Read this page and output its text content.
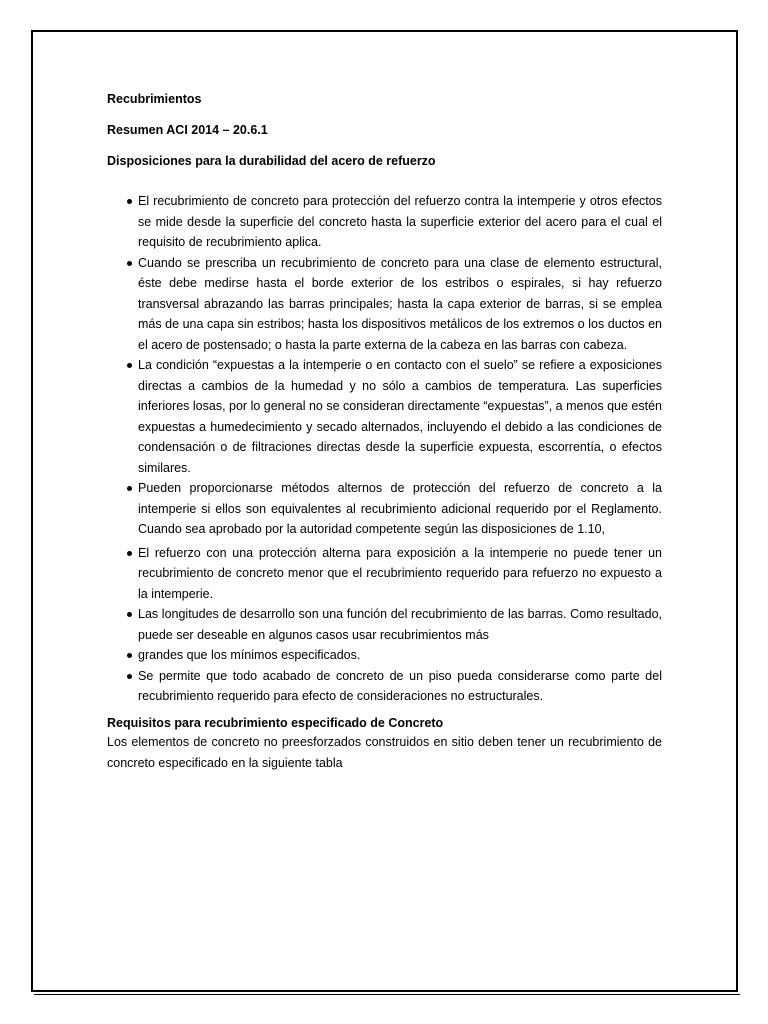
Recubrimientos
Resumen ACI 2014 – 20.6.1
Disposiciones para la durabilidad del acero de refuerzo
El recubrimiento de concreto para protección del refuerzo contra la intemperie y otros efectos se mide desde la superficie del concreto hasta la superficie exterior del acero para el cual el requisito de recubrimiento aplica.
Cuando se prescriba un recubrimiento de concreto para una clase de elemento estructural, éste debe medirse hasta el borde exterior de los estribos o espirales, si hay refuerzo transversal abrazando las barras principales; hasta la capa exterior de barras, si se emplea más de una capa sin estribos; hasta los dispositivos metálicos de los extremos o los ductos en el acero de postensado; o hasta la parte externa de la cabeza en las barras con cabeza.
La condición “expuestas a la intemperie o en contacto con el suelo” se refiere a exposiciones directas a cambios de la humedad y no sólo a cambios de temperatura. Las superficies inferiores losas, por lo general no se consideran directamente “expuestas”, a menos que estén expuestas a humedecimiento y secado alternados, incluyendo el debido a las condiciones de condensación o de filtraciones directas desde la superficie expuesta, escorrentía, o efectos similares.
Pueden proporcionarse métodos alternos de protección del refuerzo de concreto a la intemperie si ellos son equivalentes al recubrimiento adicional requerido por el Reglamento. Cuando sea aprobado por la autoridad competente según las disposiciones de 1.10,
El refuerzo con una protección alterna para exposición a la intemperie no puede tener un recubrimiento de concreto menor que el recubrimiento requerido para refuerzo no expuesto a la intemperie.
Las longitudes de desarrollo son una función del recubrimiento de las barras. Como resultado, puede ser deseable en algunos casos usar recubrimientos más
grandes que los mínimos especificados.
Se permite que todo acabado de concreto de un piso pueda considerarse como parte del recubrimiento requerido para efecto de consideraciones no estructurales.
Requisitos para recubrimiento especificado de Concreto
Los elementos de concreto no preesforzados construidos en sitio deben tener un recubrimiento de concreto especificado en la siguiente tabla
